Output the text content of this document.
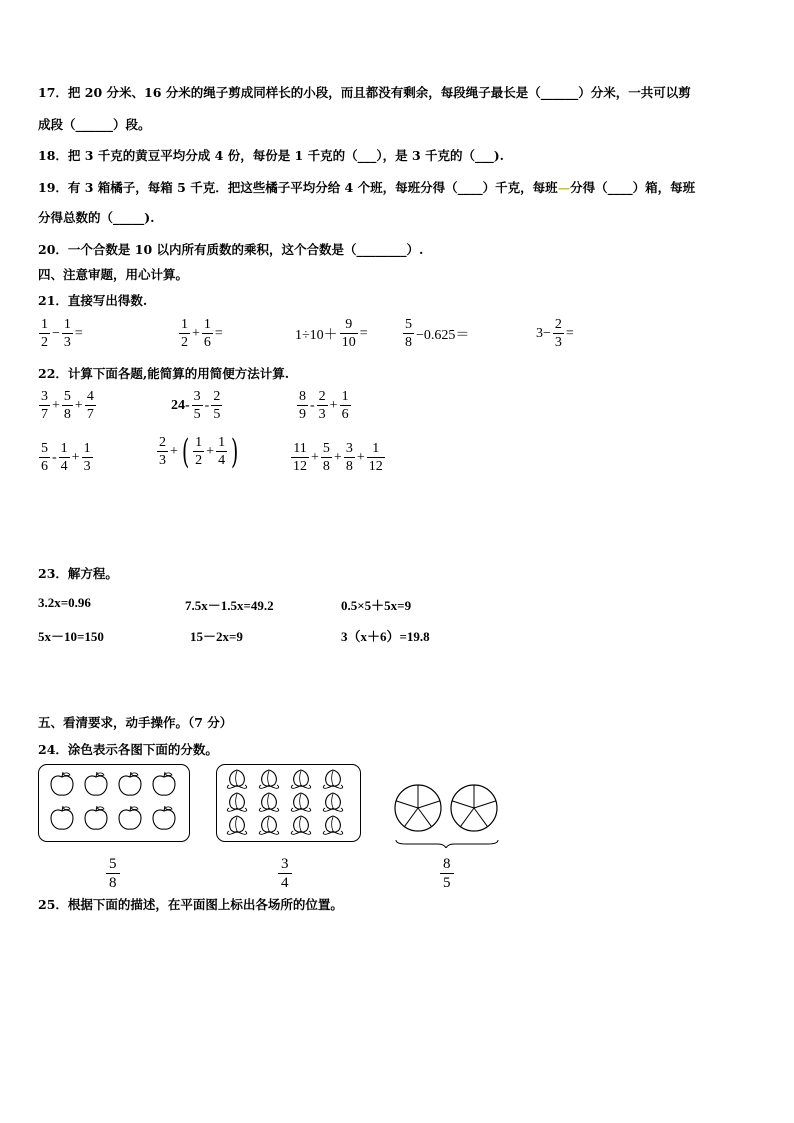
17．把 20 分米、16 分米的绳子剪成同样长的小段，而且都没有剩余，每段绳子最长是（______）分米，一共可以剪
成段（______）段。
18．把 3 千克的黄豆平均分成 4 份，每份是 1 千克的（___），是 3 千克的（___).
19．有 3 箱橘子，每箱 5 千克．把这些橘子平均分给 4 个班，每班分得（____）千克，每班—分得（____）箱，每班
分得总数的（_____).
20．一个合数是 10 以内所有质数的乘积，这个合数是（________）.
四、注意审题，用心计算。
21．直接写出得数.
$\frac{1}{2} - \frac{1}{3}$ =	$\frac{1}{2} + \frac{1}{6}$ =	$1\div 10+ \frac{9}{10}$ =	$\frac{5}{8} -0.625=$	$3- \frac{2}{3}$ =
22．计算下面各题,能简算的用简便方法计算.
$\frac{3}{7} + \frac{5}{8} + \frac{4}{7}$	$24- \frac{3}{5} - \frac{2}{5}$	$\frac{8}{9} - \frac{2}{3} + \frac{1}{6}$
$\frac{5}{6} - \frac{1}{4} + \frac{1}{3}$	$\frac{2}{3}$ + ( $\frac{1}{2} + \frac{1}{4}$ )	$\frac{11}{12} + \frac{5}{8} + \frac{3}{8} + \frac{1}{12}$
23．解方程。
3.2x=0.96	7.5x－1.5x=49.2	0.5×5＋5x=9
5x－10=150	15－2x=9	3（x＋6）=19.8
五、看清要求，动手操作。（7 分）
24．涂色表示各图下面的分数。
$\frac{5}{8}$	$\frac{3}{4}$	$\frac{8}{5}$
25．根据下面的描述，在平面图上标出各场所的位置。
